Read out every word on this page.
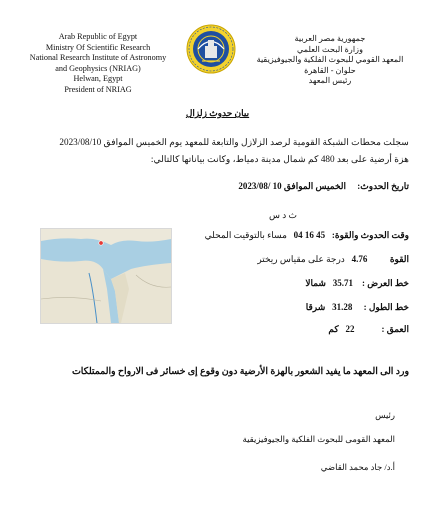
Arab Republic of Egypt
Ministry Of Scientific Research
National Research Institute of Astronomy
and Geophysics (NRIAG)
Helwan, Egypt
President of NRIAG
جمهورية مصر العربية
وزارة البحث العلمي
المعهد القومي للبحوث الفلكية والجيوفيزيقية
حلوان - القاهرة
رئيس المعهد
بيان حدوث زلزال
سجلت محطات الشبكة القومية لرصد الزلازل والتابعة للمعهد يوم الخميس الموافق 2023/08/10
هزة أرضية على بعد 480 كم شمال مدينة دمياط، وكانت بياناتها كالتالي:
تاريخ الحدوث:     الخميس الموافق 10 /2023/08
ث د س
وقت الحدوث والقوة:   45 16 04   مساء بالتوقيت المحلي
القوة          4.76   درجة على مقياس ريختر
خط العرض :    35.71   شمالا
خط الطول :     31.28   شرقا
العمق :            22   كم
ورد الى المعهد ما يفيد الشعور بالهزة الأرضية دون وقوع إى خسائر فى الارواح والممتلكات
رئيس
المعهد القومى للبحوث الفلكية والجيوفيزيقية
أ.د/ جاد محمد القاضي
